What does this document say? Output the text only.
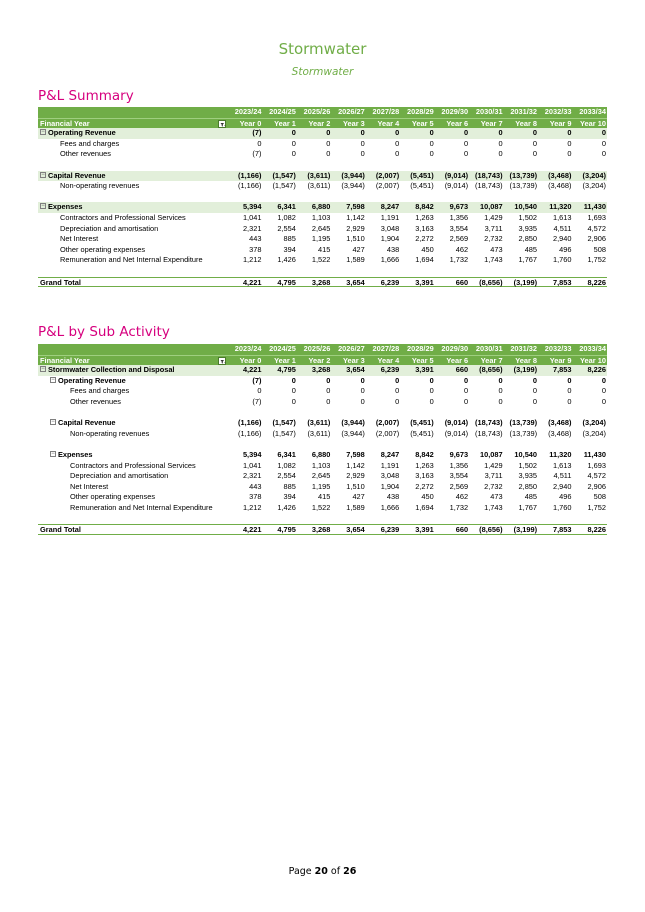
Stormwater
Stormwater
P&L Summary
2023/24	2024/25	2025/26	2026/27	2027/28	2028/29	2029/30	2030/31	2031/32	2032/33	2033/34
Financial Year	Year 0	Year 1	Year 2	Year 3	Year 4	Year 5	Year 6	Year 7	Year 8	Year 9	Year 10
− Operating Revenue	(7)	0	0	0	0	0	0	0	0	0	0
Fees and charges	0	0	0	0	0	0	0	0	0	0	0
Other revenues	(7)	0	0	0	0	0	0	0	0	0	0
− Capital Revenue	(1,166)	(1,547)	(3,611)	(3,944)	(2,007)	(5,451)	(9,014) (18,743) (13,739)	(3,468)	(3,204)
Non-operating revenues	(1,166)	(1,547)	(3,611)	(3,944)	(2,007)	(5,451)	(9,014) (18,743) (13,739)	(3,468)	(3,204)
− Expenses	5,394	6,341	6,880	7,598	8,247	8,842	9,673	10,087	10,540	11,320	11,430
Contractors and Professional Services	1,041	1,082	1,103	1,142	1,191	1,263	1,356	1,429	1,502	1,613	1,693
Depreciation and amortisation	2,321	2,554	2,645	2,929	3,048	3,163	3,554	3,711	3,935	4,511	4,572
Net Interest	443	885	1,195	1,510	1,904	2,272	2,569	2,732	2,850	2,940	2,906
Other operating expenses	378	394	415	427	438	450	462	473	485	496	508
Remuneration and Net Internal Expenditure	1,212	1,426	1,522	1,589	1,666	1,694	1,732	1,743	1,767	1,760	1,752
Grand Total	4,221	4,795	3,268	3,654	6,239	3,391	660	(8,656)	(3,199)	7,853	8,226
P&L by Sub Activity
2023/24	2024/25	2025/26	2026/27	2027/28	2028/29	2029/30	2030/31	2031/32	2032/33	2033/34
Financial Year	Year 0	Year 1	Year 2	Year 3	Year 4	Year 5	Year 6	Year 7	Year 8	Year 9	Year 10
− Stormwater Collection and Disposal	4,221	4,795	3,268	3,654	6,239	3,391	660	(8,656)	(3,199)	7,853	8,226
− Operating Revenue	(7)	0	0	0	0	0	0	0	0	0	0
Fees and charges	0	0	0	0	0	0	0	0	0	0	0
Other revenues	(7)	0	0	0	0	0	0	0	0	0	0
− Capital Revenue	(1,166)	(1,547)	(3,611)	(3,944)	(2,007)	(5,451)	(9,014) (18,743) (13,739)	(3,468)	(3,204)
Non-operating revenues	(1,166)	(1,547)	(3,611)	(3,944)	(2,007)	(5,451)	(9,014) (18,743) (13,739)	(3,468)	(3,204)
− Expenses	5,394	6,341	6,880	7,598	8,247	8,842	9,673	10,087	10,540	11,320	11,430
Contractors and Professional Services	1,041	1,082	1,103	1,142	1,191	1,263	1,356	1,429	1,502	1,613	1,693
Depreciation and amortisation	2,321	2,554	2,645	2,929	3,048	3,163	3,554	3,711	3,935	4,511	4,572
Net Interest	443	885	1,195	1,510	1,904	2,272	2,569	2,732	2,850	2,940	2,906
Other operating expenses	378	394	415	427	438	450	462	473	485	496	508
Remuneration and Net Internal Expenditure	1,212	1,426	1,522	1,589	1,666	1,694	1,732	1,743	1,767	1,760	1,752
Grand Total	4,221	4,795	3,268	3,654	6,239	3,391	660	(8,656)	(3,199)	7,853	8,226
Page 20 of 26
